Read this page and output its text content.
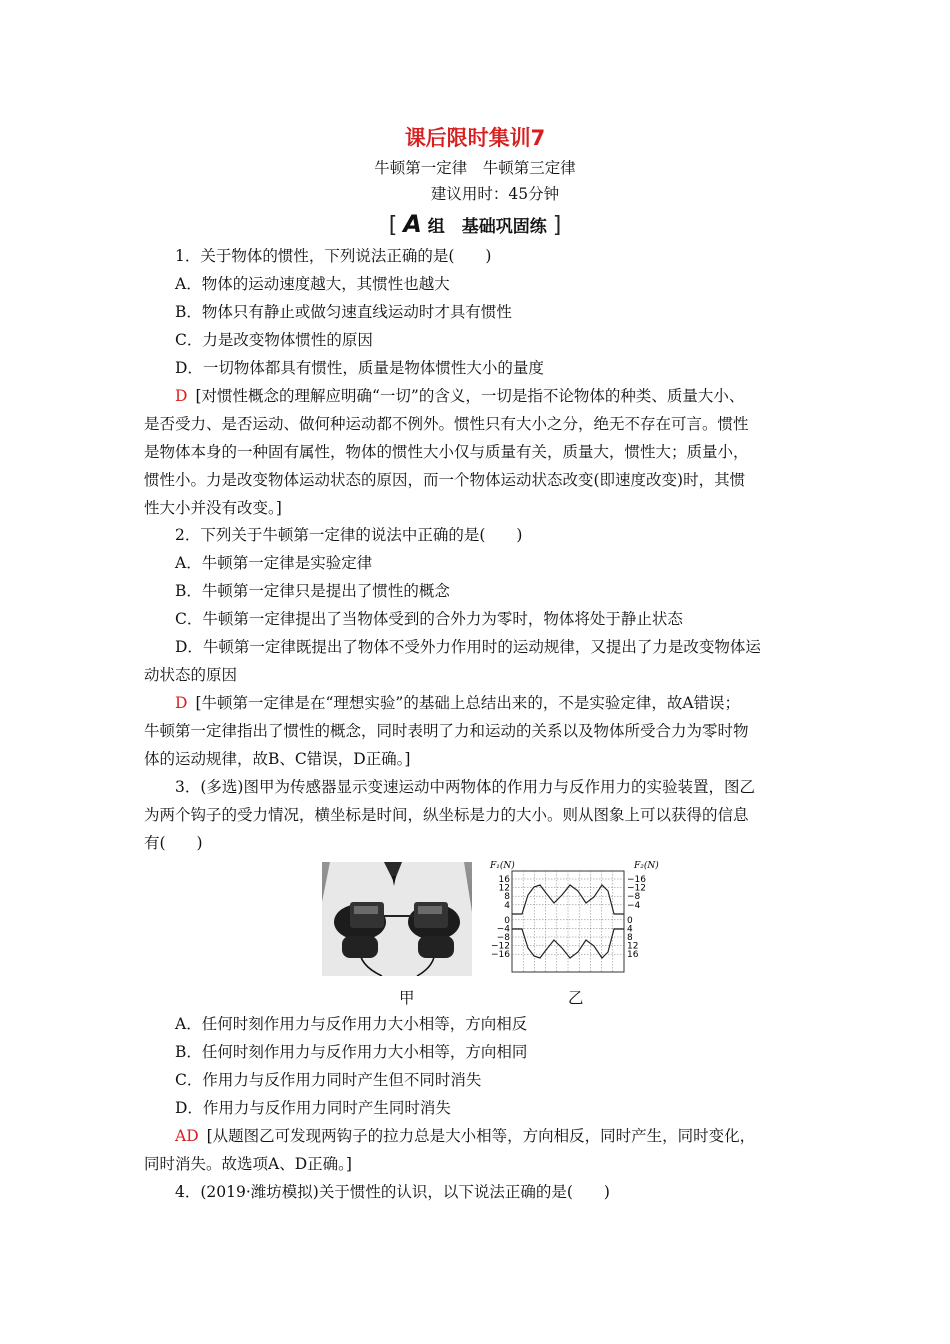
课后限时集训7
牛顿第一定律　牛顿第三定律
建议用时：45分钟
[ A 组　基础巩固练 ]
1．关于物体的惯性，下列说法正确的是(　　)
A．物体的运动速度越大，其惯性也越大
B．物体只有静止或做匀速直线运动时才具有惯性
C．力是改变物体惯性的原因
D．一切物体都具有惯性，质量是物体惯性大小的量度
D [对惯性概念的理解应明确“一切”的含义，一切是指不论物体的种类、质量大小、
是否受力、是否运动、做何种运动都不例外。惯性只有大小之分，绝无不存在可言。惯性
是物体本身的一种固有属性，物体的惯性大小仅与质量有关，质量大，惯性大；质量小，
惯性小。力是改变物体运动状态的原因，而一个物体运动状态改变(即速度改变)时，其惯
性大小并没有改变。]
2．下列关于牛顿第一定律的说法中正确的是(　　)
A．牛顿第一定律是实验定律
B．牛顿第一定律只是提出了惯性的概念
C．牛顿第一定律提出了当物体受到的合外力为零时，物体将处于静止状态
D．牛顿第一定律既提出了物体不受外力作用时的运动规律，又提出了力是改变物体运
动状态的原因
D [牛顿第一定律是在“理想实验”的基础上总结出来的，不是实验定律，故A错误；
牛顿第一定律指出了惯性的概念，同时表明了力和运动的关系以及物体所受合力为零时物
体的运动规律，故B、C错误，D正确。]
3．(多选)图甲为传感器显示变速运动中两物体的作用力与反作用力的实验装置，图乙
为两个钩子的受力情况，横坐标是时间，纵坐标是力的大小。则从图象上可以获得的信息
有(　　)
F₁(N)	F₂(N)
16
12
8
4
0
−4
−8
−12
−16
−16
−12
−8
−4
0
4
8
12
16
甲	乙
A．任何时刻作用力与反作用力大小相等，方向相反
B．任何时刻作用力与反作用力大小相等，方向相同
C．作用力与反作用力同时产生但不同时消失
D．作用力与反作用力同时产生同时消失
AD [从题图乙可发现两钩子的拉力总是大小相等，方向相反，同时产生，同时变化，
同时消失。故选项A、D正确。]
4．(2019·潍坊模拟)关于惯性的认识，以下说法正确的是(　　)
